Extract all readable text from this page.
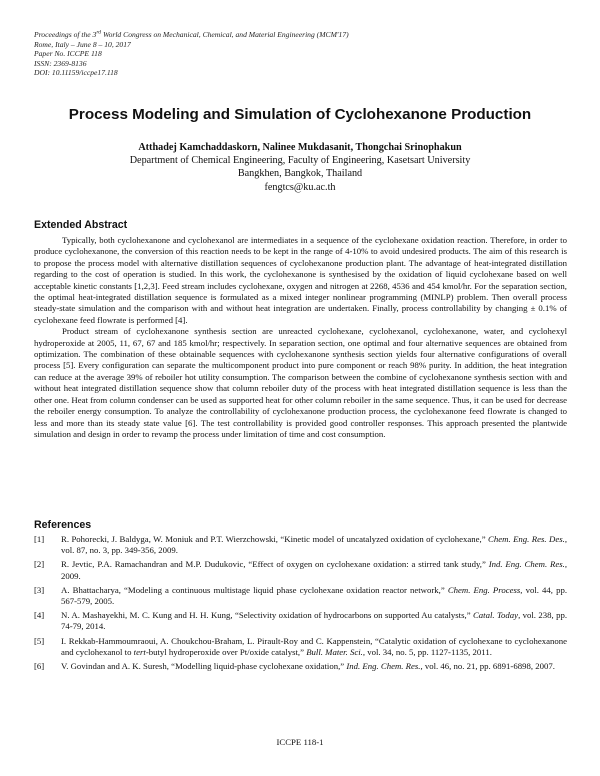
Proceedings of the 3rd World Congress on Mechanical, Chemical, and Material Engineering (MCM'17)
Rome, Italy – June 8 – 10, 2017
Paper No. ICCPE 118
ISSN: 2369-8136
DOI: 10.11159/iccpe17.118
Process Modeling and Simulation of Cyclohexanone Production
Atthadej Kamchaddaskorn, Nalinee Mukdasanit, Thongchai Srinophakun
Department of Chemical Engineering, Faculty of Engineering, Kasetsart University
Bangkhen, Bangkok, Thailand
fengtcs@ku.ac.th
Extended Abstract

Typically, both cyclohexanone and cyclohexanol are intermediates in a sequence of the cyclohexane oxidation reaction. Therefore, in order to produce cyclohexanone, the conversion of this reaction needs to be kept in the range of 4-10% to avoid undesired products. The aim of this research is to propose the process model with alternative distillation sequences of cyclohexanone production plant. The advantage of heat-integrated distillation regarding to the cost of operation is studied. In this work, the cyclohexanone is synthesised by the oxidation of liquid cyclohexane based on well acceptable kinetic constants [1,2,3]. Feed stream includes cyclohexane, oxygen and nitrogen at 2268, 4536 and 454 kmol/hr. For the separation section, the optimal heat-integrated distillation sequence is formulated as a mixed integer nonlinear programming (MINLP) problem. Then overall process steady-state simulation and the comparison with and without heat integration are undertaken. Finally, process controllability by changing ± 0.1% of cyclohexane feed flowrate is performed [4].

Product stream of cyclohexanone synthesis section are unreacted cyclohexane, cyclohexanol, cyclohexanone, water, and cyclohexyl hydroperoxide at 2005, 11, 67, 67 and 185 kmol/hr; respectively. In separation section, one optimal and four alternative sequences are obtained from optimization. The combination of these obtainable sequences with cyclohexanone synthesis section yields four alternative configurations of overall process [5]. Every configuration can separate the multicomponent product into pure component or reach 98% purity. In addition, the heat integration can reduce at the average 39% of reboiler hot utility consumption. The comparison between the combine of cyclohexanone synthesis section with and without heat integrated distillation sequence show that column reboiler duty of the process with heat integrated distillation sequence is less than the other one. Heat from column condenser can be used as supported heat for other column reboiler in the same sequence. Thus, it can be used for decrease the reboiler energy consumption. To analyze the controllability of cyclohexanone production process, the cyclohexanone feed flowrate is changed to less and more than its steady state value [6]. The test controllability is provided good controller responses. This approach presented the plantwide simulation and design in order to revamp the process under limitation of time and cost consumption.

References
[1]	R. Pohorecki, J. Baldyga, W. Moniuk and P.T. Wierzchowski, “Kinetic model of uncatalyzed oxidation of cyclohexane,” Chem. Eng. Res. Des., vol. 87, no. 3, pp. 349-356, 2009.
[2]	R. Jevtic, P.A. Ramachandran and M.P. Dudukovic, “Effect of oxygen on cyclohexane oxidation: a stirred tank study,” Ind. Eng. Chem. Res., 2009.
[3]	A. Bhattacharya, “Modeling a continuous multistage liquid phase cyclohexane oxidation reactor network,” Chem. Eng. Process, vol. 44, pp. 567-579, 2005.
[4]	N. A. Mashayekhi, M. C. Kung and H. H. Kung, “Selectivity oxidation of hydrocarbons on supported Au catalysts,” Catal. Today, vol. 238, pp. 74-79, 2014.
[5]	I. Rekkab-Hammoumraoui, A. Choukchou-Braham, L. Pirault-Roy and C. Kappenstein, “Catalytic oxidation of cyclohexane to cyclohexanone and cyclohexanol to tert-butyl hydroperoxide over Pt/oxide catalyst,” Bull. Mater. Sci., vol. 34, no. 5, pp. 1127-1135, 2011.
[6]	V. Govindan and A. K. Suresh, “Modelling liquid-phase cyclohexane oxidation,” Ind. Eng. Chem. Res., vol. 46, no. 21, pp. 6891-6898, 2007.
ICCPE 118-1
